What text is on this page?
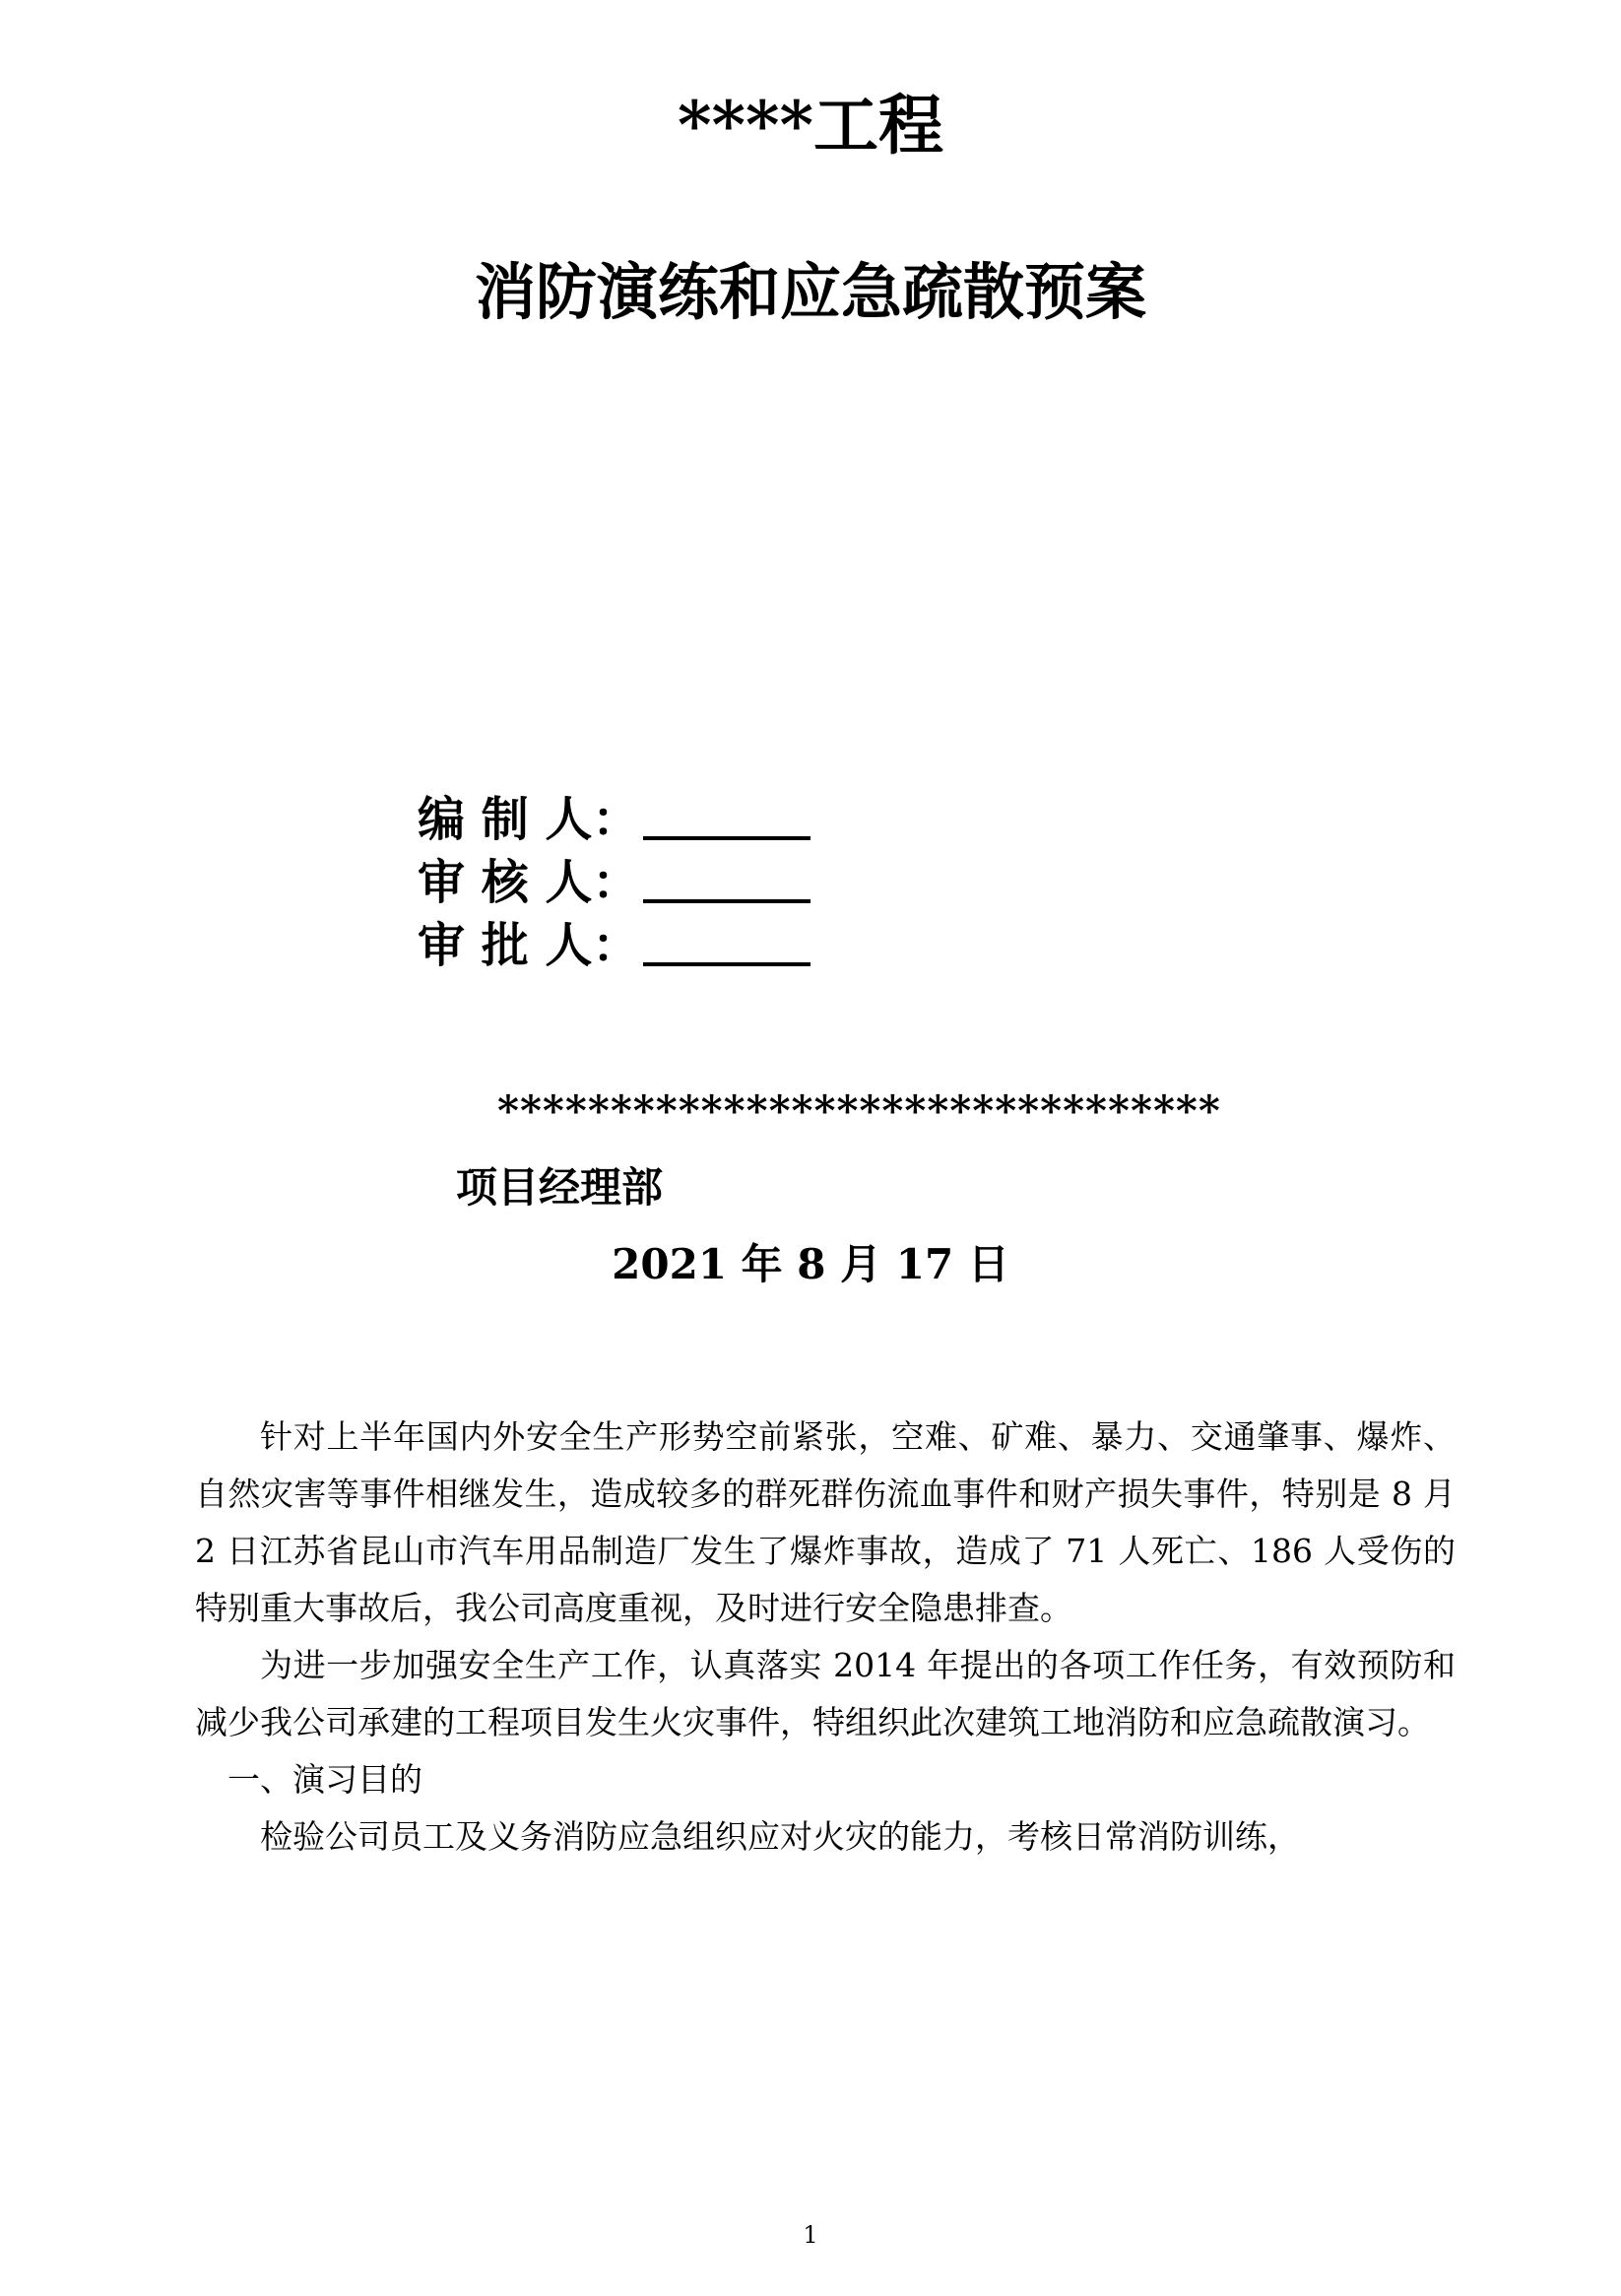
****工程
消防演练和应急疏散预案
编 制 人：
审 核 人：
审 批 人：
********************************
项目经理部
2021 年 8 月 17 日

针对上半年国内外安全生产形势空前紧张，空难、矿难、暴力、交通肇事、爆炸、自然灾害等事件相继发生，造成较多的群死群伤流血事件和财产损失事件，特别是 8 月 2 日江苏省昆山市汽车用品制造厂发生了爆炸事故，造成了 71 人死亡、186 人受伤的特别重大事故后，我公司高度重视，及时进行安全隐患排查。

为进一步加强安全生产工作，认真落实 2014 年提出的各项工作任务，有效预防和减少我公司承建的工程项目发生火灾事件，特组织此次建筑工地消防和应急疏散演习。

一、演习目的

检验公司员工及义务消防应急组织应对火灾的能力，考核日常消防训练，

1
